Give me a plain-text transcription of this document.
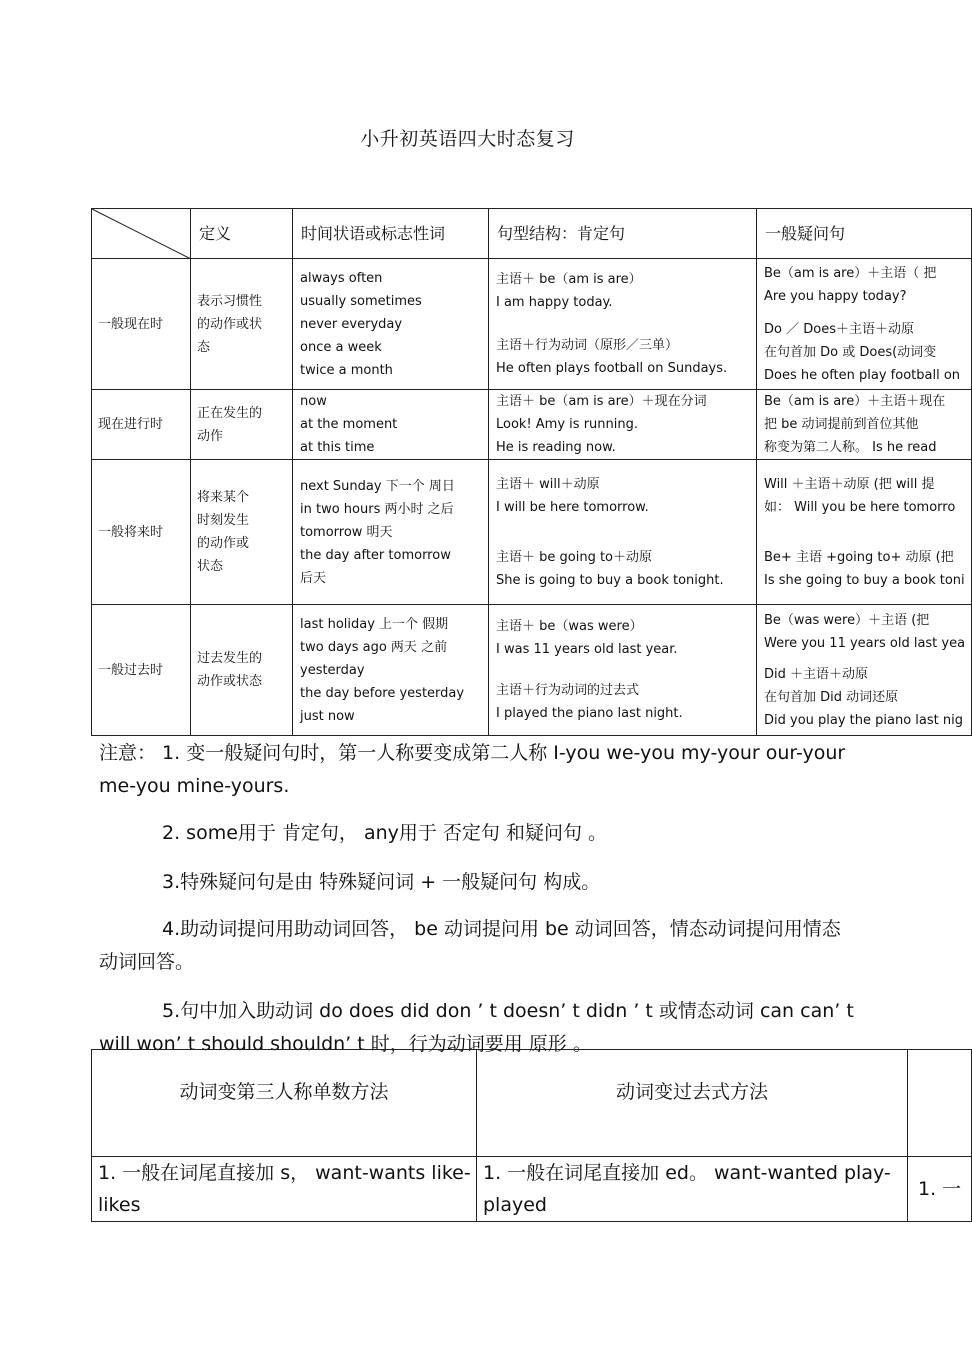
小升初英语四大时态复习
	定义	时间状语或标志性词	句型结构：肯定句	一般疑问句
一般现在时	表示习惯性
的动作或状
态	always often
usually sometimes
never everyday
once a week
twice a month	主语＋ be（am is are）
I am happy today.
主语＋行为动词（原形／三单）
He often plays football on Sundays.	Be（am is are）＋主语（ 把
Are you happy today?
Do ／ Does＋主语＋动原
在句首加 Do 或 Does(动词变
Does he often play football on

现在进行时	正在发生的
动作	now
at the moment
at this time	主语＋ be（am is are）＋现在分词
Look! Amy is running.
He is reading now.	Be（am is are）＋主语＋现在
把 be 动词提前到首位其他
称变为第二人称。 Is he read

一般将来时	将来某个
时刻发生
的动作或
状态	next Sunday 下一个 周日
in two hours 两小时 之后
tomorrow 明天
the day after tomorrow
后天	主语＋ will＋动原
I will be here tomorrow.
主语＋ be going to＋动原
She is going to buy a book tonight.	Will ＋主语＋动原 (把 will 提
如： Will you be here tomorro
Be+ 主语 +going to+ 动原 (把
Is she going to buy a book toni

一般过去时	过去发生的
动作或状态	last holiday 上一个 假期
two days ago 两天 之前
yesterday
the day before yesterday
just now	主语＋ be（was were）
I was 11 years old last year.
主语＋行为动词的过去式
I played the piano last night.	Be（was were）＋主语 (把
Were you 11 years old last yea
Did ＋主语＋动原
在句首加 Did 动词还原
Did you play the piano last nig

注意： 1. 变一般疑问句时，第一人称要变成第二人称 I-you we-you my-your our-your me-you mine-yours.

2. some用于 肯定句， any用于 否定句 和疑问句 。
3.特殊疑问句是由 特殊疑问词 + 一般疑问句 构成。
4.助动词提问用助动词回答， be 动词提问用 be 动词回答，情态动词提问用情态动词回答。
5.句中加入助动词 do does did don ’ t doesn’ t didn ’ t 或情态动词 can can’ t will won’ t should shouldn’ t 时，行为动词要用 原形 。
动词变第三人称单数方法	动词变过去式方法	
1. 一般在词尾直接加 s， want-wants like-likes	1. 一般在词尾直接加 ed。 want-wanted play-played	1. 一
